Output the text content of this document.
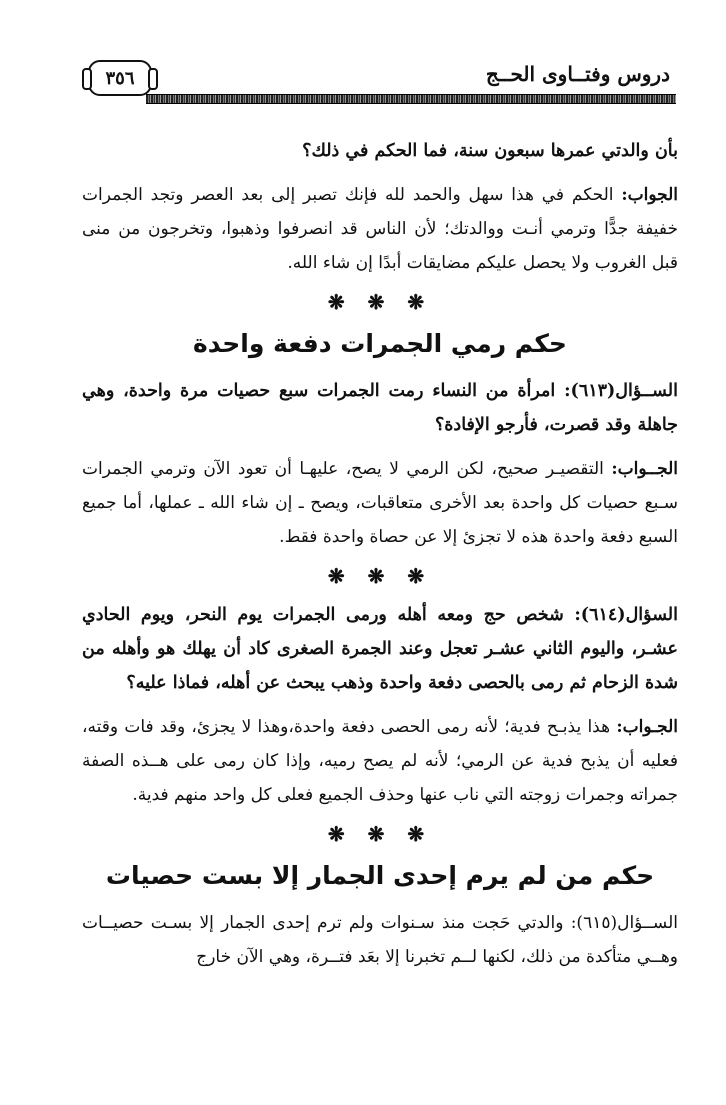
٣٥٦	دروس وفتــاوى الحــج

بأن والدتي عمرها سبعون سنة، فما الحكم في ذلك؟

الجواب: الحكم في هذا سهل والحمد لله فإنك تصبر إلى بعد العصر وتجد الجمرات خفيفة جدًّا وترمي أنـت ووالدتك؛ لأن الناس قد انصرفوا وذهبوا، وتخرجون من منى قبل الغروب ولا يحصل عليكم مضايقات أبدًا إن شاء الله.

❋ ❋ ❋
حكم رمي الجمرات دفعة واحدة

الســؤال(٦١٣): امرأة من النساء رمت الجمرات سبع حصيات مرة واحدة، وهي جاهلة وقد قصرت، فأرجو الإفادة؟

الجــواب: التقصيـر صحيح، لكن الرمي لا يصح، عليهـا أن تعود الآن وترمي الجمرات سـبع حصيات كل واحدة بعد الأخرى متعاقبات، ويصح ـ إن شاء الله ـ عملها، أما جميع السبع دفعة واحدة هذه لا تجزئ إلا عن حصاة واحدة فقط.

❋ ❋ ❋

السؤال(٦١٤): شخص حج ومعه أهله ورمى الجمرات يوم النحر، ويوم الحادي عشـر، واليوم الثاني عشـر تعجل وعند الجمرة الصغرى كاد أن يهلك هو وأهله من شدة الزحام ثم رمى بالحصى دفعة واحدة وذهب يبحث عن أهله، فماذا عليه؟

الجـواب: هذا يذبـح فدية؛ لأنه رمى الحصى دفعة واحدة،وهذا لا يجزئ، وقد فات وقته، فعليه أن يذبح فدية عن الرمي؛ لأنه لم يصح رميه، وإذا كان رمى على هــذه الصفة جمراته وجمرات زوجته التي ناب عنها وحذف الجميع فعلى كل واحد منهم فدية.

❋ ❋ ❋
حكم من لم يرم إحدى الجمار إلا بست حصيات

الســؤال(٦١٥): والدتي حَجت منذ سـنوات ولم ترم إحدى الجمار إلا بسـت حصيــات وهــي متأكدة من ذلك، لكنها لــم تخبرنا إلا بعَد فتــرة، وهي الآن خارج
